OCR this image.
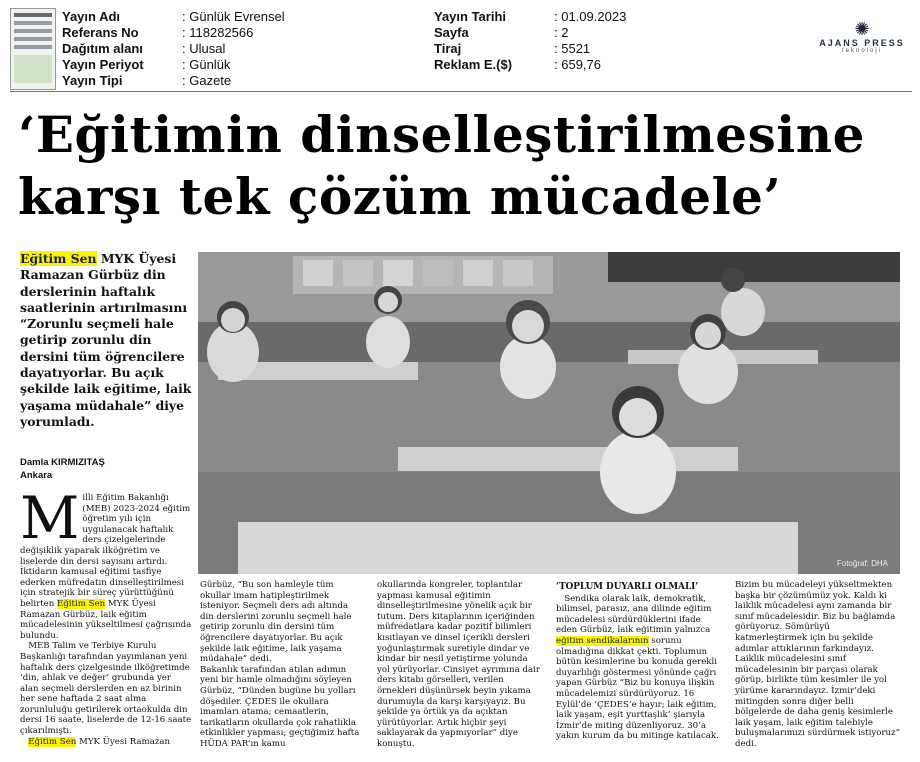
Yayın Adı	: Günlük Evrensel
Referans No	: 118282566
Dağıtım alanı	: Ulusal
Yayın Periyot	: Günlük
Yayın Tipi	: Gazete
Yayın Tarihi	: 01.09.2023
Sayfa	: 2
Tiraj	: 5521
Reklam E.($)	: 659,76
✺
AJANS PRESS
teknoloji
‘Eğitimin dinselleştirilmesine
karşı tek çözüm mücadele’
Eğitim Sen MYK Üyesi Ramazan Gürbüz din derslerinin haftalık saatlerinin artırılmasını “Zorunlu seçmeli hale getirip zorunlu din dersini tüm öğrencilere dayatıyorlar. Bu açık şekilde laik eğitime, laik yaşama müdahale” diye yorumladı.
Damla KIRMIZITAŞ
Ankara
Fotoğraf: DHA
Milli Eğitim Bakanlığı (MEB) 2023-2024 eğitim öğretim yılı için uygulanacak haftalık ders çizelgelerinde değişiklik yaparak ilköğretim ve liselerde din dersi sayısını artırdı. İktidarın kamusal eğitimi tasfiye ederken müfredatın dinselleştirilmesi için stratejik bir süreç yürüttüğünü belirten Eğitim Sen MYK Üyesi Ramazan Gürbüz, laik eğitim mücadelesinin yükseltilmesi çağrısında bulundu.
MEB Talim ve Terbiye Kurulu Başkanlığı tarafından yayımlanan yeni haftalık ders çizelgesinde ilköğretimde ‘din, ahlak ve değer’ grubunda yer alan seçmeli derslerden en az birinin her sene haftada 2 saat alma zorunluluğu getirilerek ortaokulda din dersi 16 saate, liselerde de 12-16 saate çıkarılmıştı.
Eğitim Sen MYK Üyesi Ramazan
Gürbüz, “Bu son hamleyle tüm okullar imam hatipleştirilmek isteniyor. Seçmeli ders adı altında din derslerini zorunlu seçmeli hale getirip zorunlu din dersini tüm öğrencilere dayatıyorlar. Bu açık şekilde laik eğitime, laik yaşama müdahale” dedi.
Bakanlık tarafından atılan adımın yeni bir hamle olmadığını söyleyen Gürbüz, “Dünden bugüne bu yolları döşediler. ÇEDES ile okullara imamları atama; cemaatlerin, tarikatların okullarda çok rahatlıkla etkinlikler yapması; geçtiğimiz hafta HÜDA PAR’ın kamu
okullarında kongreler, toplantılar yapması kamusal eğitimin dinselleştirilmesine yönelik açık bir tutum. Ders kitaplarının içeriğinden müfredatlara kadar pozitif bilimleri kısıtlayan ve dinsel içerikli dersleri yoğunlaştırmak suretiyle dindar ve kindar bir nesil yetiştirme yolunda yol yürüyorlar. Cinsiyet ayrımına dair ders kitabı görselleri, verilen örnekleri düşünürsek beyin yıkama durumuyla da karşı karşıyayız. Bu şekilde ya örtük ya da açıktan yürütüyorlar. Artık hiçbir şeyi saklayarak da yapmıyorlar” diye konuştu.
‘TOPLUM DUYARLI OLMALI’
Sendika olarak laik, demokratik, bilimsel, parasız, ana dilinde eğitim mücadelesi sürdürdüklerini ifade eden Gürbüz, laik eğitimin yalnızca eğitim sendikalarının sorunu olmadığına dikkat çekti. Toplumun bütün kesimlerine bu konuda gerekli duyarlılığı göstermesi yönünde çağrı yapan Gürbüz “Biz bu konuya ilişkin mücadelemizi sürdürüyoruz. 16 Eylül’de ‘ÇEDES’e hayır; laik eğitim, laik yaşam, eşit yurttaşlık’ şiarıyla İzmir’de miting düzenliyoruz. 30’a yakın kurum da bu mitinge katılacak.
Bizim bu mücadeleyi yükseltmekten başka bir çözümümüz yok. Kaldı ki laiklik mücadelesi aynı zamanda bir sınıf mücadelesidir. Biz bu bağlamda görüyoruz. Sömürüyü katmerleştirmek için bu şekilde adımlar attıklarının farkındayız. Laiklik mücadelesini sınıf mücadelesinin bir parçası olarak görüp, birlikte tüm kesimler ile yol yürüme kararındayız. İzmir’deki mitingden sonra diğer belli bölgelerde de daha geniş kesimlerle laik yaşam, laik eğitim talebiyle buluşmalarımızı sürdürmek istiyoruz” dedi.
